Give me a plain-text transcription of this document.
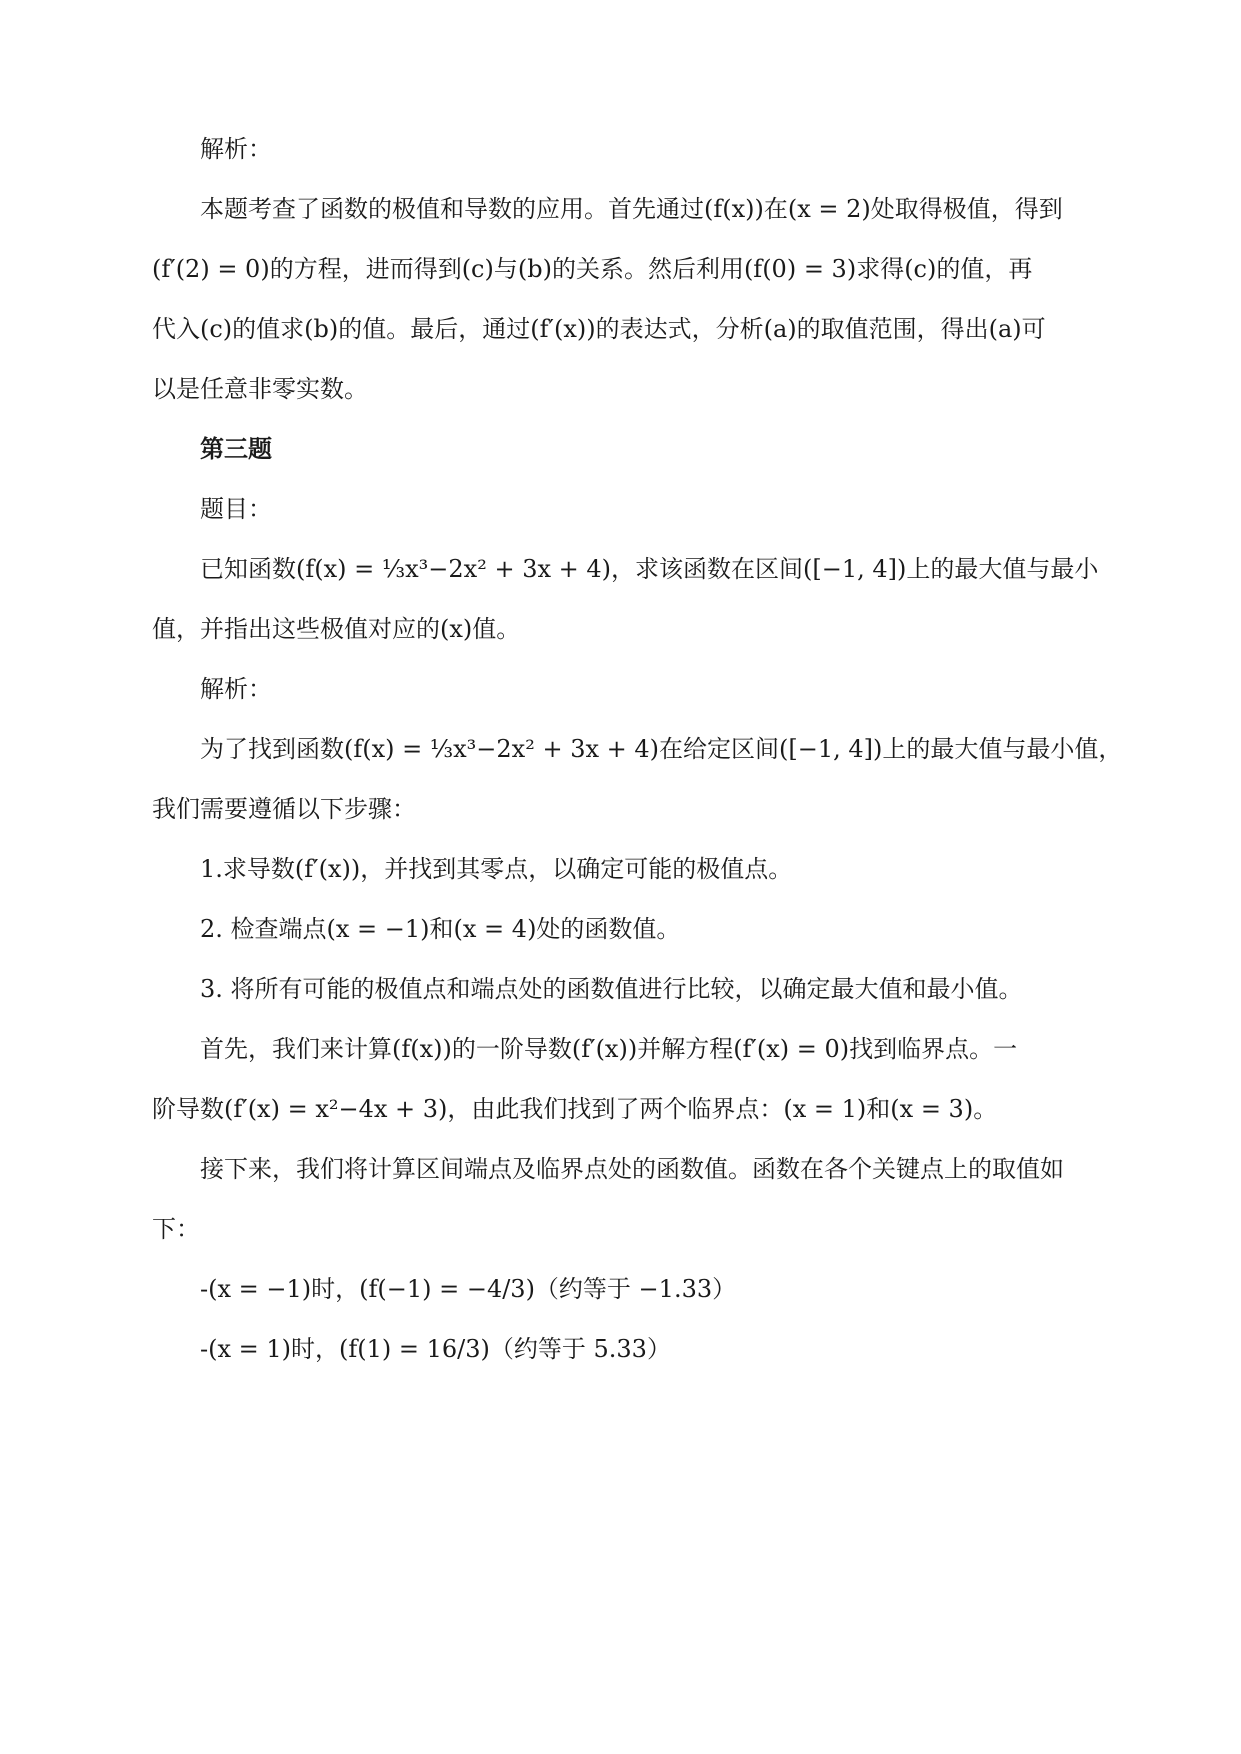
解析：
本题考查了函数的极值和导数的应用。首先通过(f(x))在(x = 2)处取得极值，得到
(f′(2) = 0)的方程，进而得到(c)与(b)的关系。然后利用(f(0) = 3)求得(c)的值，再
代入(c)的值求(b)的值。最后，通过(f′(x))的表达式，分析(a)的取值范围，得出(a)可
以是任意非零实数。
第三题
题目：
已知函数(f(x) = ⅓x³−2x² + 3x + 4)，求该函数在区间([−1, 4])上的最大值与最小
值，并指出这些极值对应的(x)值。
解析：
为了找到函数(f(x) = ⅓x³−2x² + 3x + 4)在给定区间([−1, 4])上的最大值与最小值，
我们需要遵循以下步骤：
1.求导数(f′(x))，并找到其零点，以确定可能的极值点。
2. 检查端点(x = −1)和(x = 4)处的函数值。
3. 将所有可能的极值点和端点处的函数值进行比较，以确定最大值和最小值。
首先，我们来计算(f(x))的一阶导数(f′(x))并解方程(f′(x) = 0)找到临界点。一
阶导数(f′(x) = x²−4x + 3)，由此我们找到了两个临界点：(x = 1)和(x = 3)。
接下来，我们将计算区间端点及临界点处的函数值。函数在各个关键点上的取值如
下：
-(x = −1)时，(f(−1) = −4/3)（约等于 −1.33）
-(x = 1)时，(f(1) = 16/3)（约等于 5.33）
